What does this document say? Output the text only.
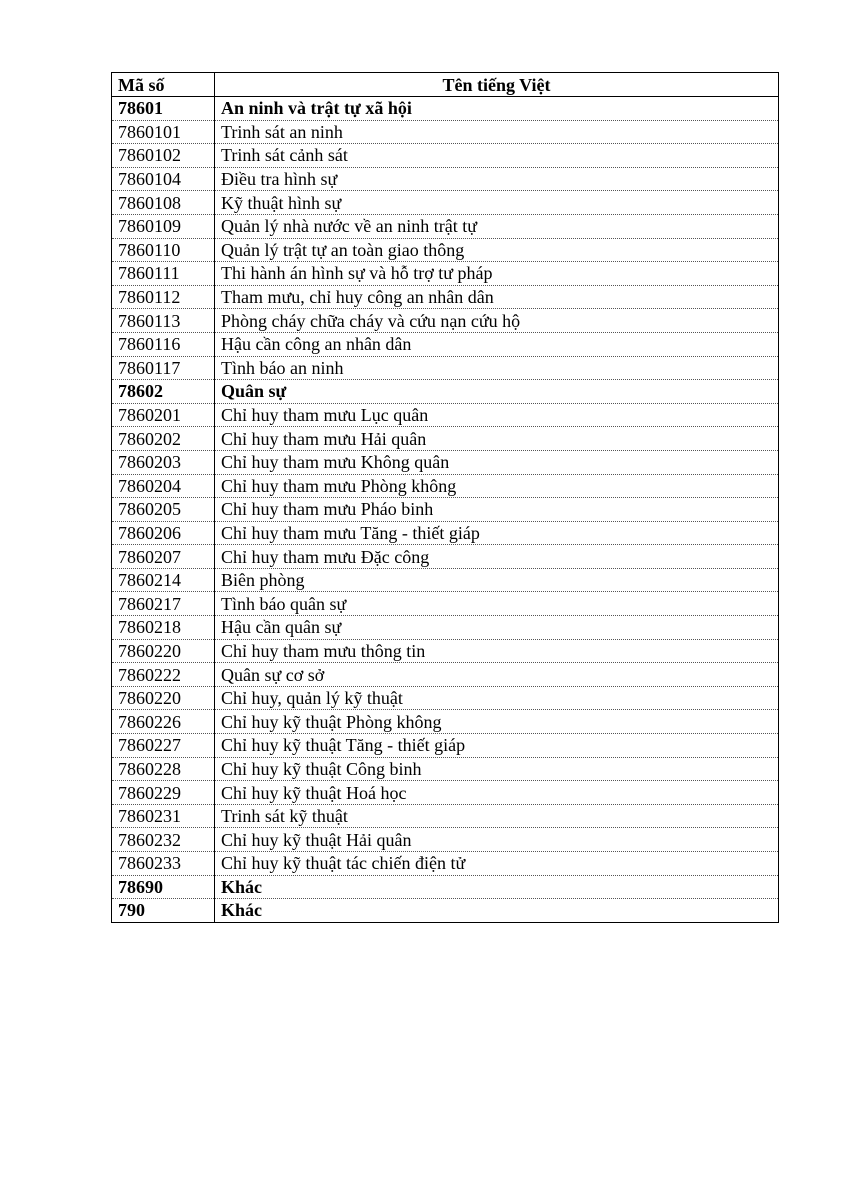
Mã số	Tên tiếng Việt
78601	An ninh và trật tự xã hội
7860101	Trinh sát an ninh
7860102	Trinh sát cảnh sát
7860104	Điều tra hình sự
7860108	Kỹ thuật hình sự
7860109	Quản lý nhà nước về an ninh trật tự
7860110	Quản lý trật tự an toàn giao thông
7860111	Thi hành án hình sự và hỗ trợ tư pháp
7860112	Tham mưu, chỉ huy công an nhân dân
7860113	Phòng cháy chữa cháy và cứu nạn cứu hộ
7860116	Hậu cần công an nhân dân
7860117	Tình báo an ninh
78602	Quân sự
7860201	Chỉ huy tham mưu Lục quân
7860202	Chỉ huy tham mưu Hải quân
7860203	Chỉ huy tham mưu Không quân
7860204	Chỉ huy tham mưu Phòng không
7860205	Chỉ huy tham mưu Pháo binh
7860206	Chỉ huy tham mưu Tăng - thiết giáp
7860207	Chỉ huy tham mưu Đặc công
7860214	Biên phòng
7860217	Tình báo quân sự
7860218	Hậu cần quân sự
7860220	Chỉ huy tham mưu thông tin
7860222	Quân sự cơ sở
7860220	Chỉ huy, quản lý kỹ thuật
7860226	Chỉ huy kỹ thuật Phòng không
7860227	Chỉ huy kỹ thuật Tăng - thiết giáp
7860228	Chỉ huy kỹ thuật Công binh
7860229	Chỉ huy kỹ thuật Hoá học
7860231	Trinh sát kỹ thuật
7860232	Chỉ huy kỹ thuật Hải quân
7860233	Chỉ huy kỹ thuật tác chiến điện tử
78690	Khác
790	Khác
